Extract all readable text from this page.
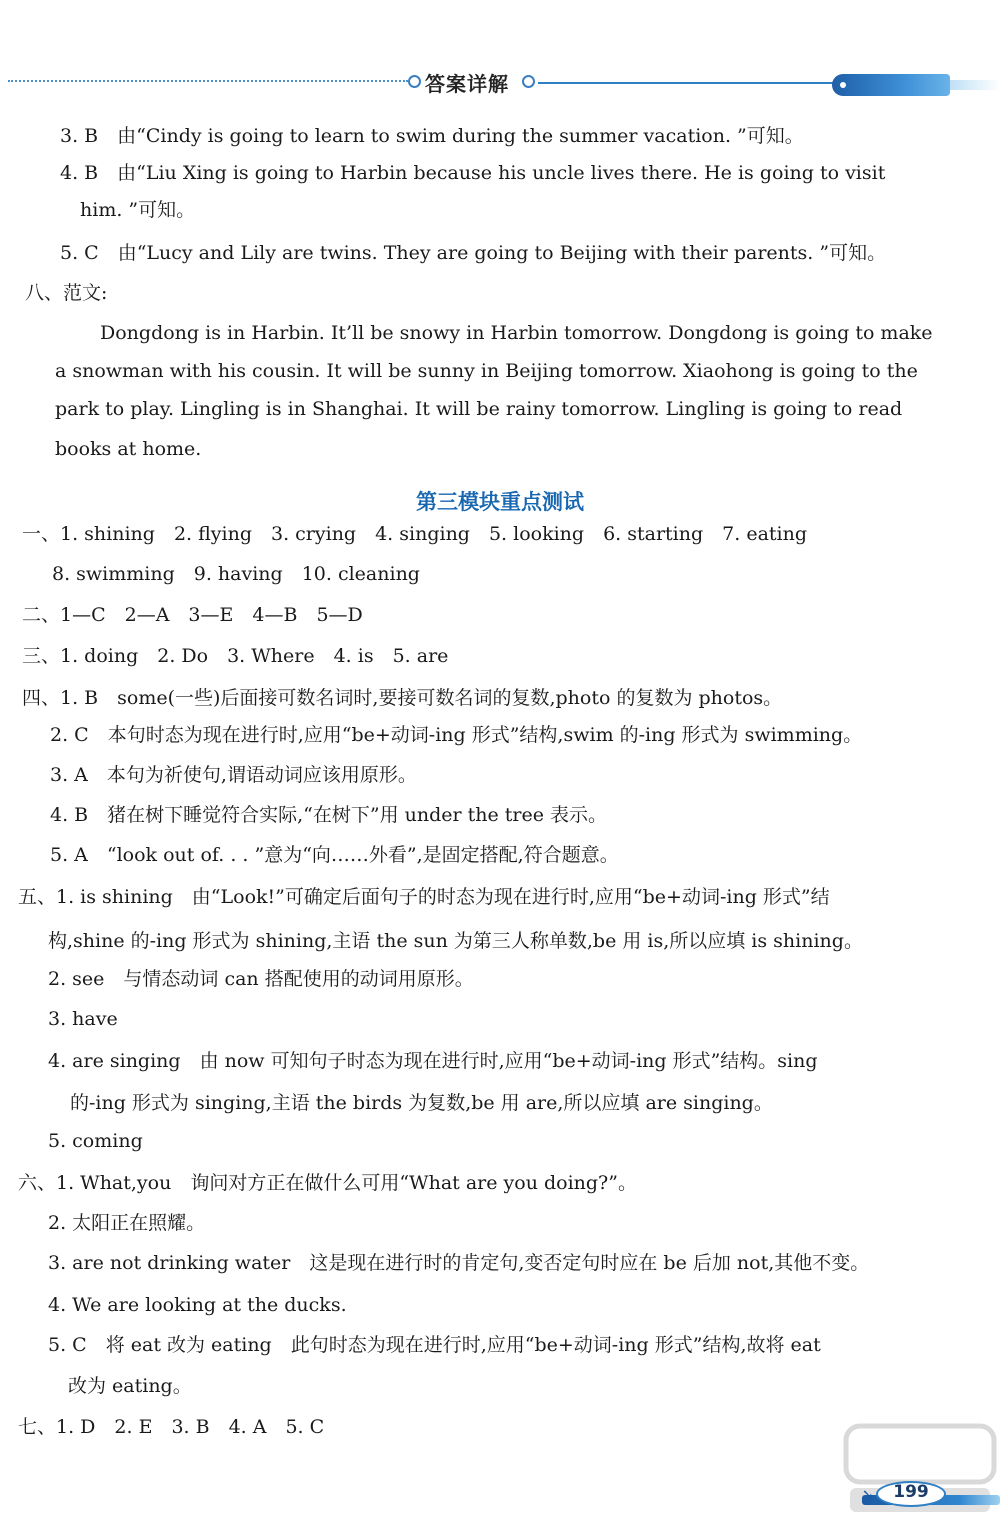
答案详解
3. B　由“Cindy is going to learn to swim during the summer vacation. ”可知。
4. B　由“Liu Xing is going to Harbin because his uncle lives there. He is going to visit
him. ”可知。
5. C　由“Lucy and Lily are twins. They are going to Beijing with their parents. ”可知。
八、范文:
Dongdong is in Harbin. It’ll be snowy in Harbin tomorrow. Dongdong is going to make
a snowman with his cousin. It will be sunny in Beijing tomorrow. Xiaohong is going to the
park to play. Lingling is in Shanghai. It will be rainy tomorrow. Lingling is going to read
books at home.
第三模块重点测试
一、1. shining　2. flying　3. crying　4. singing　5. looking　6. starting　7. eating
8. swimming　9. having　10. cleaning
二、1—C　2—A　3—E　4—B　5—D
三、1. doing　2. Do　3. Where　4. is　5. are
四、1. B　some(一些)后面接可数名词时,要接可数名词的复数,photo 的复数为 photos。
2. C　本句时态为现在进行时,应用“be+动词-ing 形式”结构,swim 的-ing 形式为 swimming。
3. A　本句为祈使句,谓语动词应该用原形。
4. B　猪在树下睡觉符合实际,“在树下”用 under the tree 表示。
5. A　“look out of. . . ”意为“向……外看”,是固定搭配,符合题意。
五、1. is shining　由“Look!”可确定后面句子的时态为现在进行时,应用“be+动词-ing 形式”结
构,shine 的-ing 形式为 shining,主语 the sun 为第三人称单数,be 用 is,所以应填 is shining。
2. see　与情态动词 can 搭配使用的动词用原形。
3. have
4. are singing　由 now 可知句子时态为现在进行时,应用“be+动词-ing 形式”结构。sing
的-ing 形式为 singing,主语 the birds 为复数,be 用 are,所以应填 are singing。
5. coming
六、1. What,you　询问对方正在做什么可用“What are you doing?”。
2. 太阳正在照耀。
3. are not drinking water　这是现在进行时的肯定句,变否定句时应在 be 后加 not,其他不变。
4. We are looking at the ducks.
5. C　将 eat 改为 eating　此句时态为现在进行时,应用“be+动词-ing 形式”结构,故将 eat
改为 eating。
七、1. D　2. E　3. B　4. A　5. C
➘	199
